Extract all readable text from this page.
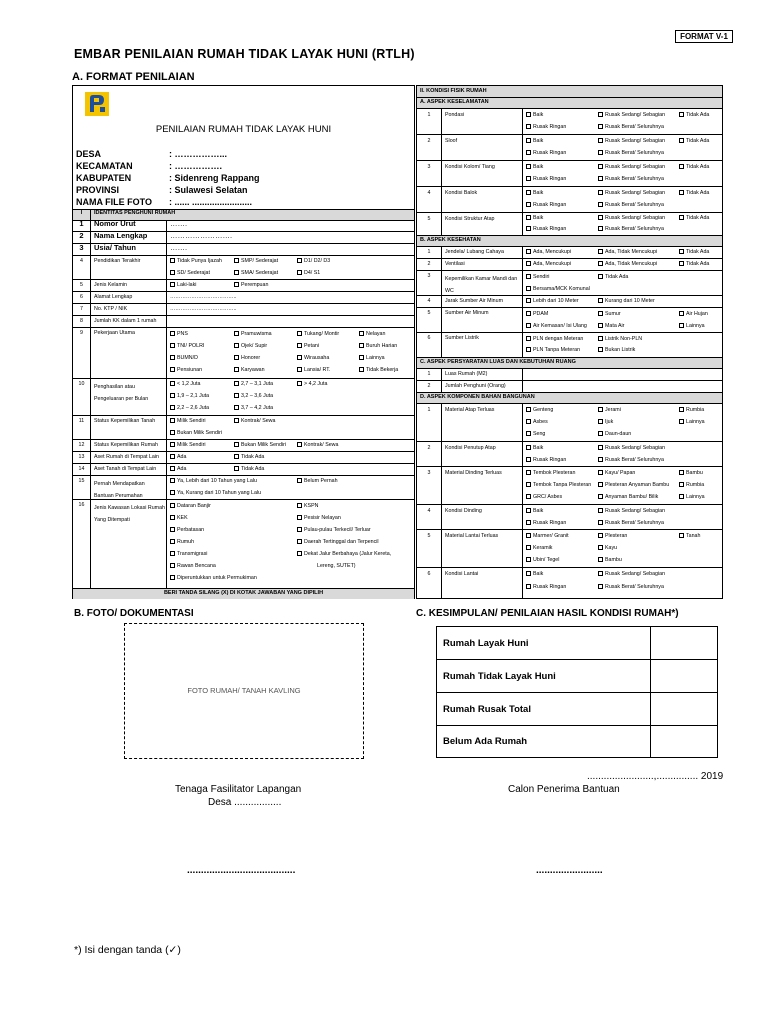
FORMAT V-1
EMBAR PENILAIAN RUMAH TIDAK LAYAK HUNI (RTLH)
A. FORMAT PENILAIAN
PENILAIAN RUMAH TIDAK LAYAK HUNI
DESA	: ……………...
KECAMATAN	: …………….
KABUPATEN	: Sidenreng Rappang
PROVINSI	: Sulawesi Selatan
NAMA FILE FOTO : ...... ........................
I	IDENTITAS PENGHUNI RUMAH
1	Nomor Urut	…….
2	Nama Lengkap	…………………….
3	Usia/ Tahun	…….
4	Pendidikan Terakhir	Tidak Punya Ijazah	SMP/ Sederajat	D1/ D2/ D3
SD/ Sederajat	SMA/ Sederajat	D4/ S1
5	Jenis Kelamin	Laki-laki	Perempuan
6	Alamat Lengkap	………………………………..
7	No. KTP / NIK	………………………………..
8	Jumlah KK dalam 1 rumah
9	Pekerjaan Utama	PNS	Pramuwisma	Tukang/ Montir	Nelayan
TNI/ POLRI	Ojek/ Supir	Petani	Buruh Harian
BUMN/D	Honorer	Wirausaha	Lainnya
Pensiunan	Karyawan	Lansia/ RT.	Tidak Bekerja
10	Penghasilan atau
Pengeluaran per Bulan
< 1,2 Juta	2,7 – 3,1 Juta	> 4,2 Juta
1,9 – 2,1 Juta	3,2 – 3,6 Juta
2,2 – 2,6 Juta	3,7 – 4,2 Juta
11	Status Kepemilikan Tanah	Milik Sendiri	Kontrak/ Sewa
Bukan Milik Sendiri
12	Status Kepemilikan Rumah	Milik Sendiri	Bukan Milik Sendiri	Kontrak/ Sewa
13	Aset Rumah di Tempat Lain	Ada	Tidak Ada
14	Aset Tanah di Tempat Lain	Ada	Tidak Ada
15	Pernah Mendapatkan
Bantuan Perumahan
Ya, Lebih dari 10 Tahun yang Lalu	Belum Pernah
Ya, Kurang dari 10 Tahun yang Lalu
16	Jenis Kawasan Lokasi Rumah
Yang Ditempati
Dataran Banjir	KSPN
KEK	Pesisir Nelayan
Perbatasan	Pulau-pulau Terkecil/ Terluar
Rumuh	Daerah Tertinggal dan Terpencil
Transmigrasi	Dekat Jalur Berbahaya (Jalur Kereta,
Rawan Bencana	Lereng, SUTET)
Diperuntukkan untuk Permukiman
BERI TANDA SILANG (X) DI KOTAK JAWABAN YANG DIPILIH
II. KONDISI FISIK RUMAH
A. ASPEK KESELAMATAN
1	Pondasi	Baik	Rusak Sedang/ Sebagian	Tidak Ada
Rusak Ringan	Rusak Berat/ Seluruhnya
2	Sloof	Baik	Rusak Sedang/ Sebagian	Tidak Ada
Rusak Ringan	Rusak Berat/ Seluruhnya
3	Kondisi Kolom/ Tiang	Baik	Rusak Sedang/ Sebagian	Tidak Ada
Rusak Ringan	Rusak Berat/ Seluruhnya
4	Kondisi Balok	Baik	Rusak Sedang/ Sebagian	Tidak Ada
Rusak Ringan	Rusak Berat/ Seluruhnya
5	Kondisi Struktur Atap	Baik	Rusak Sedang/ Sebagian	Tidak Ada
Rusak Ringan	Rusak Berat/ Seluruhnya
B. ASPEK KESEHATAN
1	Jendela/ Lubang Cahaya	Ada, Mencukupi	Ada, Tidak Mencukupi	Tidak Ada
2	Ventilasi	Ada, Mencukupi	Ada, Tidak Mencukupi	Tidak Ada
3	Kepemilikan Kamar Mandi dan
WC
Sendiri	Tidak Ada
Bersama/MCK Komunal
4	Jarak Sumber Air Minum	Lebih dari 10 Meter	Kurang dari 10 Meter
5	Sumber Air Minum	PDAM	Sumur	Air Hujan
Air Kemasan/ Isi Ulang	Mata Air	Lainnya
6	Sumber Listrik	PLN dengan Meteran	Listrik Non-PLN
PLN Tanpa Meteran	Bukan Listrik
C. ASPEK PERSYARATAN LUAS DAN KEBUTUHAN RUANG
1	Luas Rumah (M2)
2	Jumlah Penghuni (Orang)
D. ASPEK KOMPONEN BAHAN BANGUNAN
1	Material Atap Terluas	Genteng	Jerami	Rumbia
Asbes	Ijuk	Lainnya
Seng	Daun-daun
2	Kondisi Penutup Atap	Baik	Rusak Sedang/ Sebagian
Rusak Ringan	Rusak Berat/ Seluruhnya
3	Material Dinding Terluas	Tembok Plesteran	Kayu/ Papan	Bambu
Tembok Tanpa Plesteran	Plesteran Anyaman Bambu	Rumbia
GRC/ Asbes	Anyaman Bambu/ Bilik	Lainnya
4	Kondisi Dinding	Baik	Rusak Sedang/ Sebagian
Rusak Ringan	Rusak Berat/ Seluruhnya
5	Material Lantai Terluas	Marmer/ Granit	Plesteran	Tanah
Keramik	Kayu
Ubin/ Tegel	Bambu
6	Kondisi Lantai	Baik	Rusak Sedang/ Sebagian
Rusak Ringan	Rusak Berat/ Seluruhnya
B. FOTO/ DOKUMENTASI
FOTO RUMAH/ TANAH KAVLING
C. KESIMPULAN/ PENILAIAN HASIL KONDISI RUMAH*)
Rumah Layak Huni
Rumah Tidak Layak Huni
Rumah Rusak Total
Belum Ada Rumah
........................,............... 2019
Tenaga Fasilitator Lapangan
Desa .................
Calon Penerima Bantuan
.......................................	........................
*) Isi dengan tanda (✓)
